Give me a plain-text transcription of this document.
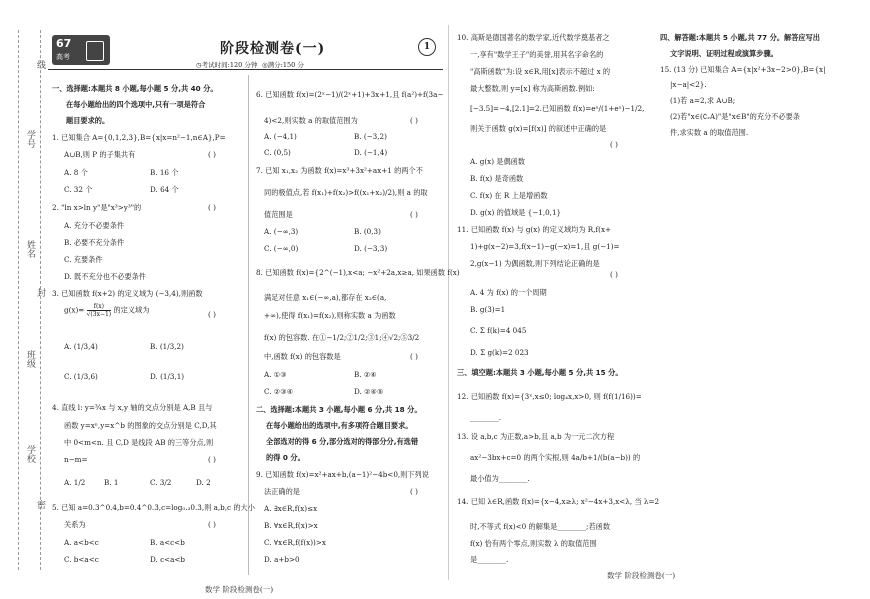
线
学号
姓名
封
班级
学校
密
67
高考	阶段检测卷(一)	1
◷考试时间:120 分钟 ◎满分:150 分
一、选择题:本题共 8 小题,每小题 5 分,共 40 分。
在每小题给出的四个选项中,只有一项是符合
题目要求的。
1. 已知集合 A={0,1,2,3},B={x|x=n²−1,n∈A},P=
A∪B,则 P 的子集共有	( )
A. 8 个	B. 16 个
C. 32 个	D. 64 个
2. "ln x>ln y"是"x³>y³"的	( )
A. 充分不必要条件
B. 必要不充分条件
C. 充要条件
D. 既不充分也不必要条件
3. 已知函数 f(x+2) 的定义域为 (−3,4),则函数
$g(x)= \frac{f(x)}{√(3x-1)}$ 的定义域为	( )
A. (1/3,4)	B. (1/3,2)
C. (1/3,6)	D. (1/3,1)
4. 直线 l: y=¾x 与 x,y 轴的交点分别是 A,B 且与
函数 y=xⁿ,y=x^b 的图象的交点分别是 C,D,其
中 0<m<n. 且 C,D 是线段 AB 的三等分点,则
n−m=	( )
A. 1/2	B. 1	C. 3/2	D. 2
5. 已知 a=0.3^0.4,b=0.4^0.3,c=log₀.₃0.3,则 a,b,c 的大小
关系为	( )
A. a<b<c	B. a<c<b
C. b<a<c	D. c<a<b
6. 已知函数 f(x)=(2ˣ−1)/(2ˣ+1)+3x+1,且 f(a²)+f(3a−
4)<2,则实数 a 的取值范围为	( )
A. (−4,1)	B. (−3,2)
C. (0,5)	D. (−1,4)
7. 已知 x₁,x₂ 为函数 f(x)=x³+3x²+ax+1 的两个不
同的极值点,若 f(x₁)+f(x₂)>f((x₁+x₂)/2),则 a 的取
值范围是	( )
A. (−∞,3)	B. (0,3)
C. (−∞,0)	D. (−3,3)
8. 已知函数 f(x)={2^(−1),x<a; −x²+2a,x≥a, 如果函数 f(x)
满足对任意 x₁∈(−∞,a),都存在 x₂∈(a,
+∞),使得 f(x₁)=f(x₂),则称实数 a 为函数
f(x) 的包容数. 在①−1/2;②1/2;③1;④√2;⑤3/2
中,函数 f(x) 的包容数是	( )
A. ①③	B. ②④
C. ②③④	D. ②④⑤
二、选择题:本题共 3 小题,每小题 6 分,共 18 分。
在每小题给出的选项中,有多项符合题目要求。
全部选对的得 6 分,部分选对的得部分分,有选错
的得 0 分。
9. 已知函数 f(x)=x²+ax+b,(a−1)²−4b<0,则下列说
法正确的是	( )
A. ∃x∈R,f(x)≤x
B. ∀x∈R,f(x)>x
C. ∀x∈R,f(f(x))>x
D. a+b>0
10. 高斯是德国著名的数学家,近代数学奠基者之
一,享有"数学王子"的美誉,用其名字命名的
"高斯函数"为:设 x∈R,用[x]表示不超过 x 的
最大整数,则 y=[x] 称为高斯函数.例如:
[−3.5]=−4,[2.1]=2.已知函数 f(x)=eˣ/(1+eˣ)−1/2,
则关于函数 g(x)=[f(x)] 的叙述中正确的是
( )
A. g(x) 是偶函数
B. f(x) 是奇函数
C. f(x) 在 R 上是增函数
D. g(x) 的值域是 {−1,0,1}
11. 已知函数 f(x) 与 g(x) 的定义域均为 R,f(x+
1)+g(x−2)=3,f(x−1)−g(−x)=1,且 g(−1)=
2,g(x−1) 为偶函数,则下列结论正确的是
( )
A. 4 为 f(x) 的一个周期
B. g(3)=1
C. Σ f(k)=4 045
D. Σ g(k)=2 023
三、填空题:本题共 3 小题,每小题 5 分,共 15 分。
12. 已知函数 f(x)={3ˣ,x≤0; log₄x,x>0, 则 f(f(1/16))=
________.
13. 设 a,b,c 为正数,a>b,且 a,b 为一元二次方程
ax²−3bx+c=0 的两个实根,则 4a/b+1/(b(a−b)) 的
最小值为________.
14. 已知 λ∈R,函数 f(x)={x−4,x≥λ; x²−4x+3,x<λ, 当 λ=2
时,不等式 f(x)<0 的解集是________;若函数
f(x) 恰有两个零点,则实数 λ 的取值范围
是________.
四、解答题:本题共 5 小题,共 77 分。解答应写出
文字说明、证明过程或演算步骤。
15. (13 分) 已知集合 A={x|x²+3x−2>0},B={x|
|x−a|<2}.
(1)若 a=2,求 A∪B;
(2)若"x∈(∁ᵣA)"是"x∈B"的充分不必要条
件,求实数 a 的取值范围.
数学 阶段检测卷(一)
数学 阶段检测卷(一)
